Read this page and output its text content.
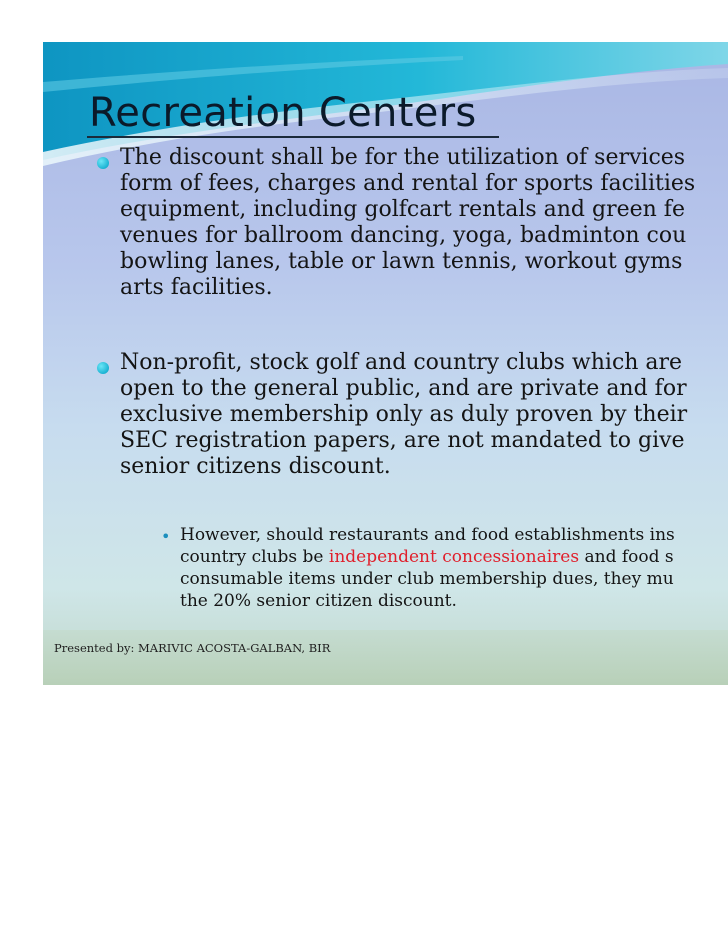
Recreation Centers
The discount shall be for the utilization of services
form of fees, charges and rental for sports facilities
equipment, including golfcart rentals and green fe
venues for ballroom dancing, yoga, badminton cou
bowling lanes, table or lawn tennis, workout gyms
arts facilities.
Non-profit, stock golf and country clubs which are
open to the general public, and are private and for
exclusive membership only as duly proven by their
SEC registration papers, are not mandated to give
senior citizens discount.
• However, should restaurants and food establishments ins
country clubs be independent concessionaires and food s
consumable items under club membership dues, they mu
the 20% senior citizen discount.
Presented by: MARIVIC ACOSTA-GALBAN, BIR
